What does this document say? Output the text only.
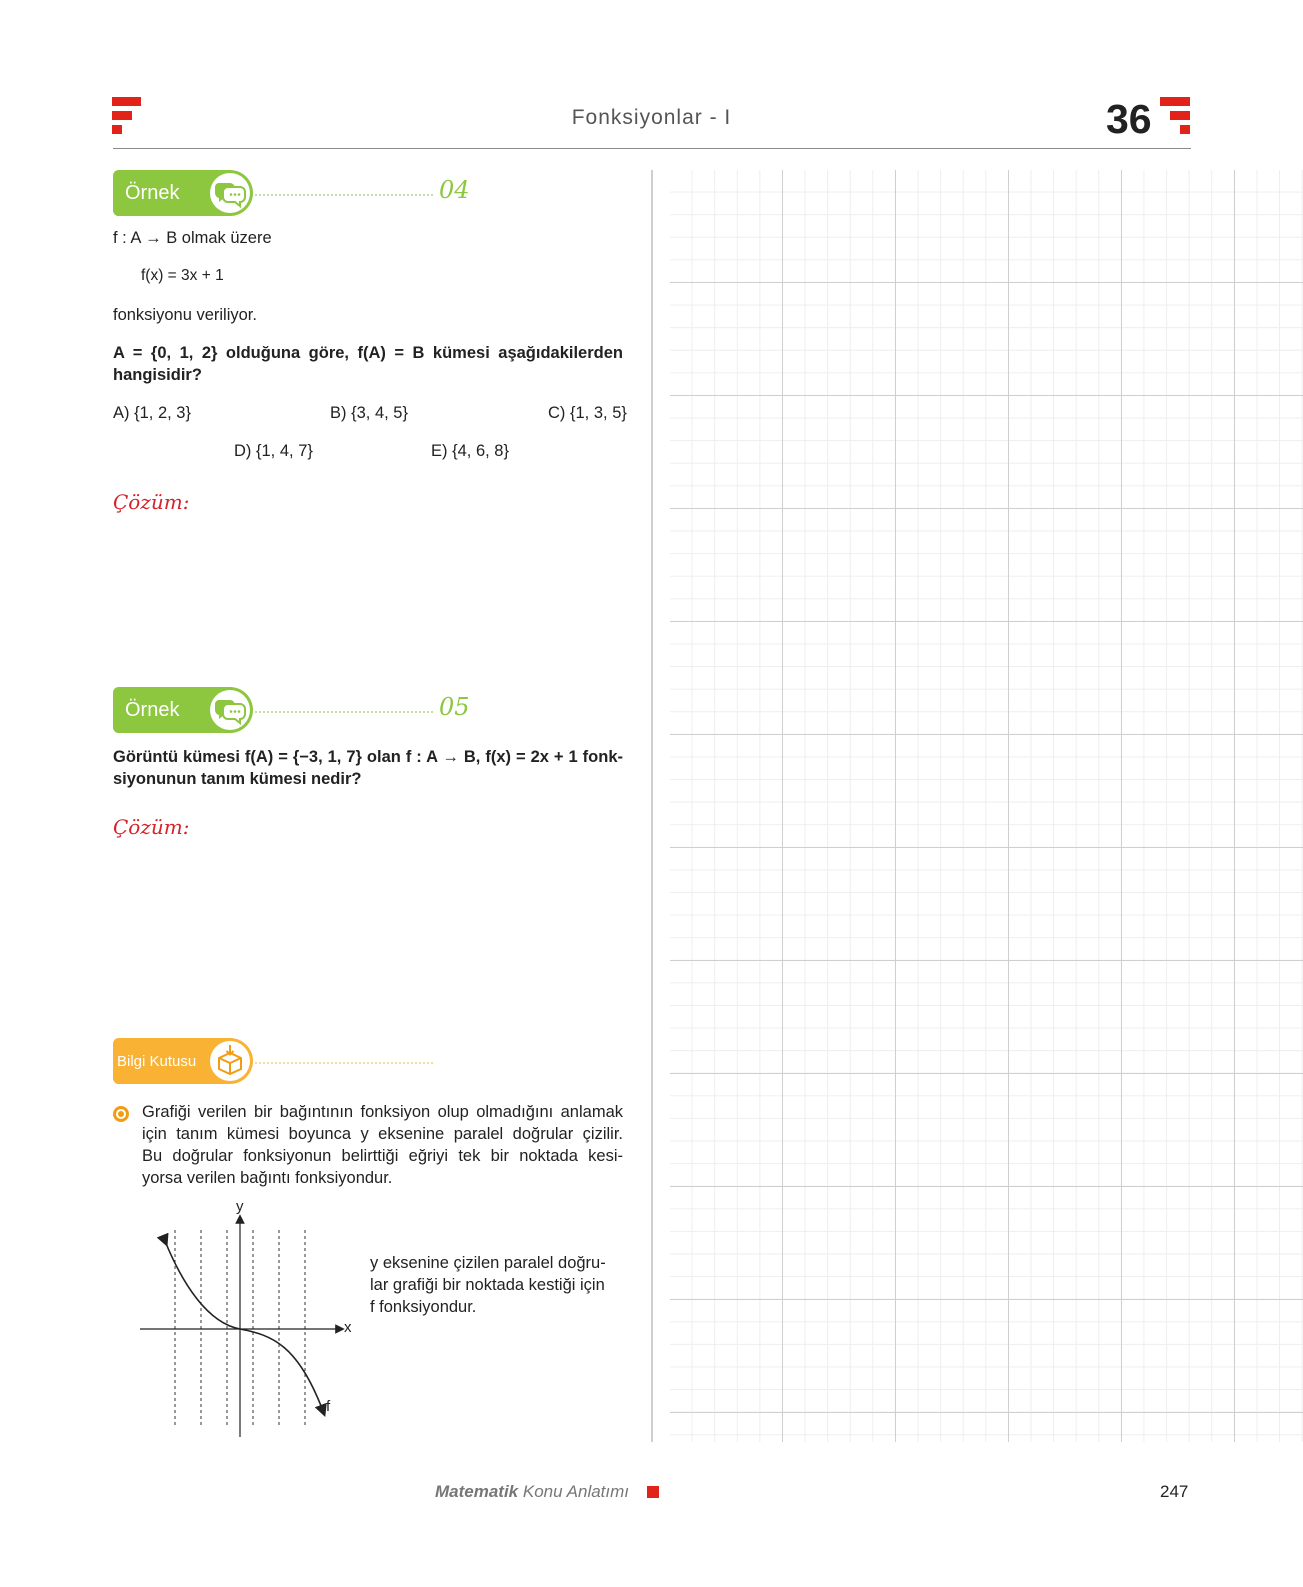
Fonksiyonlar - I	36
Örnek	04
f : A → B olmak üzere
f(x) = 3x + 1
fonksiyonu veriliyor.
A = {0, 1, 2} olduğuna göre, f(A) = B kümesi aşağıdakilerden
hangisidir?
A) {1, 2, 3}	B) {3, 4, 5}	C) {1, 3, 5}
D) {1, 4, 7}	E) {4, 6, 8}
Çözüm:
Örnek	05
Görüntü kümesi f(A) = {−3, 1, 7} olan f : A → B, f(x) = 2x + 1 fonk-
siyonunun tanım kümesi nedir?
Çözüm:
Bilgi Kutusu
Grafiği verilen bir bağıntının fonksiyon olup olmadığını anlamak
için tanım kümesi boyunca y eksenine paralel doğrular çizilir.
Bu doğrular fonksiyonun belirttiği eğriyi tek bir noktada kesi-
yorsa verilen bağıntı fonksiyondur.
y
x
f
y eksenine çizilen paralel doğru-
lar grafiği bir noktada kestiği için
f fonksiyondur.
Matematik Konu Anlatımı	247
